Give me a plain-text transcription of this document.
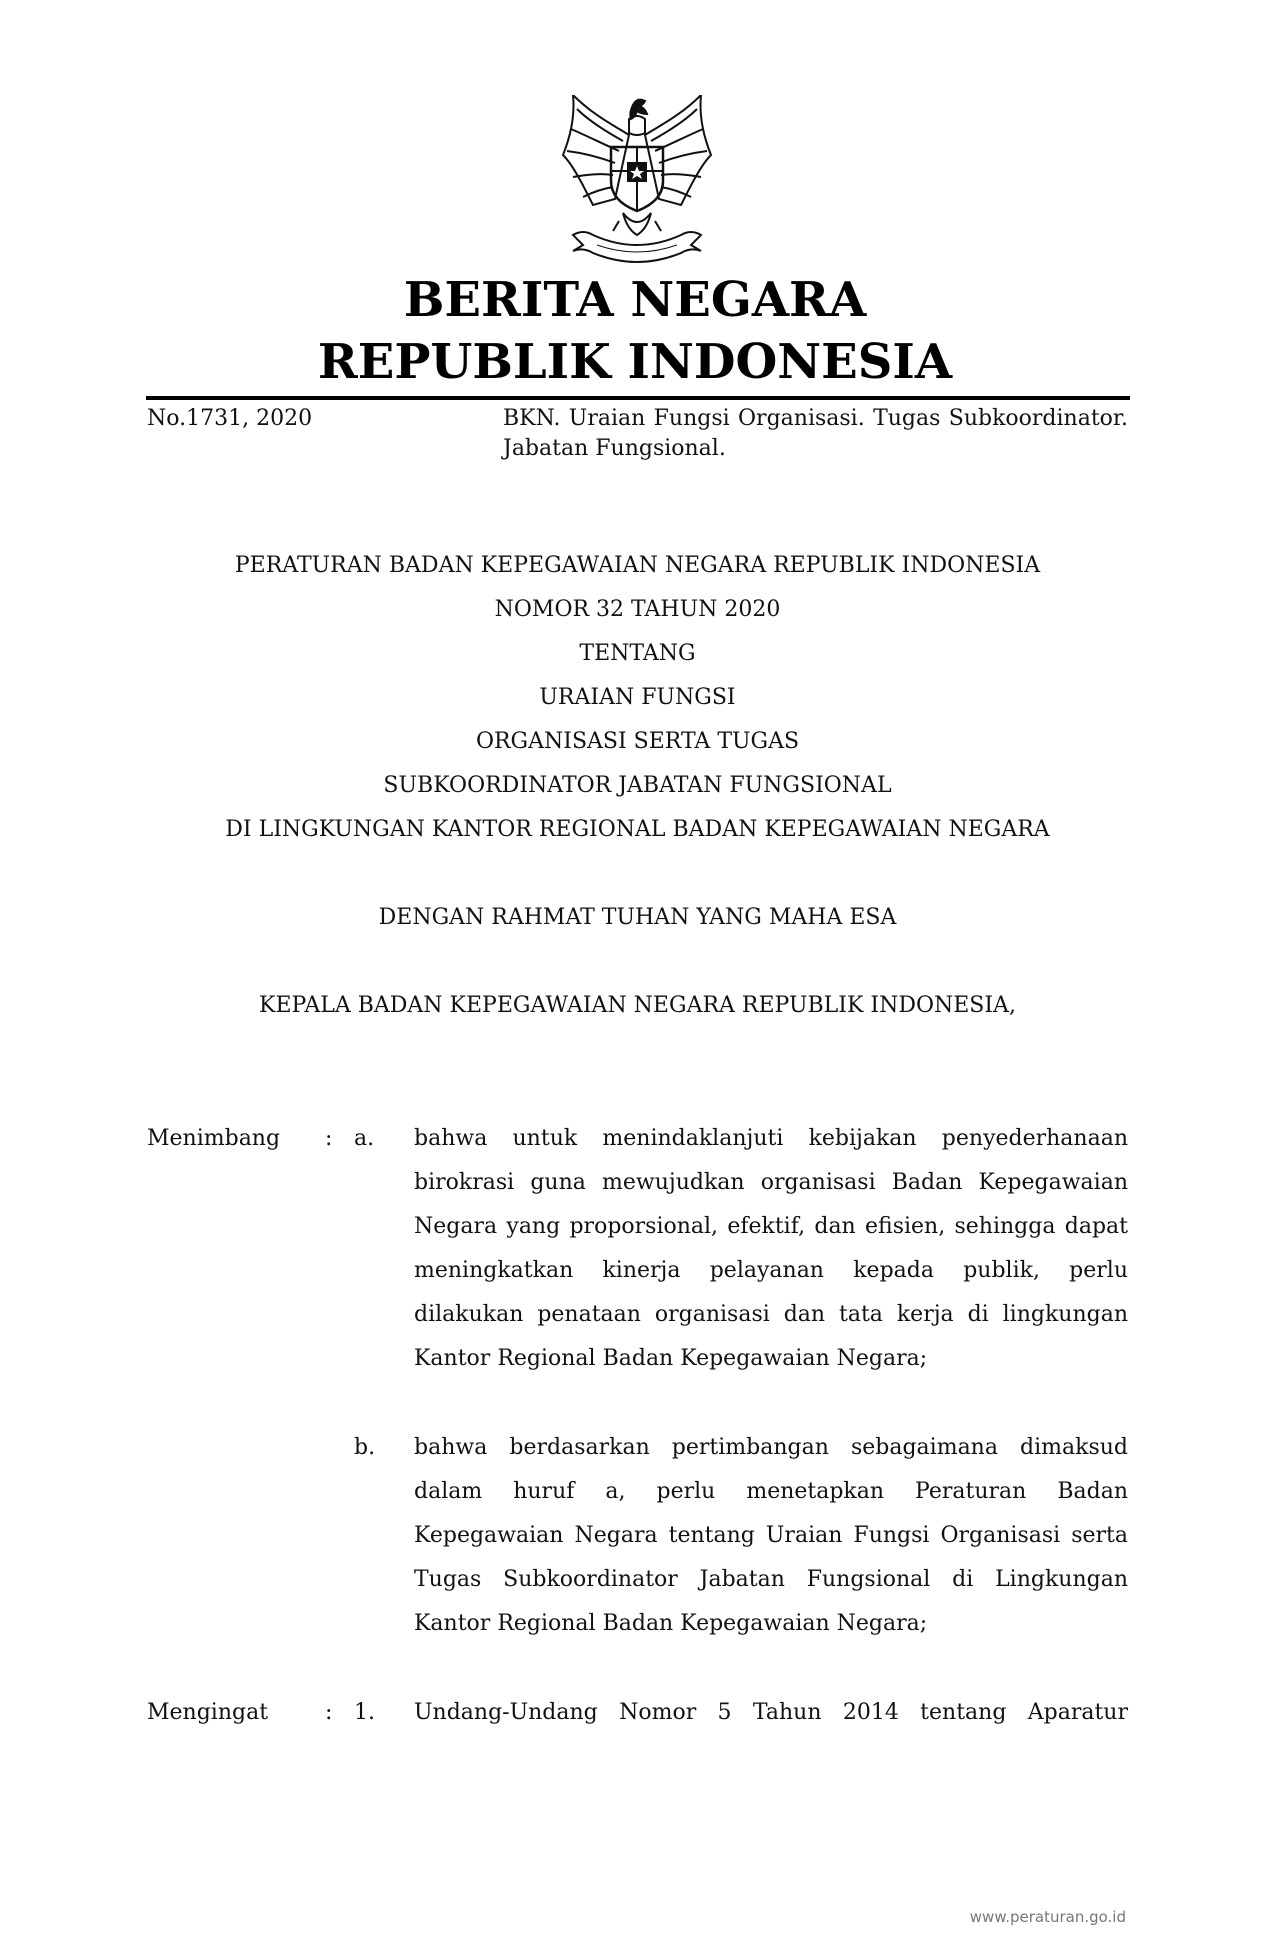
BERITA NEGARA
REPUBLIK INDONESIA
No.1731, 2020	BKN. Uraian Fungsi Organisasi. Tugas Subkoordinator. Jabatan Fungsional.
PERATURAN BADAN KEPEGAWAIAN NEGARA REPUBLIK INDONESIA
NOMOR 32 TAHUN 2020
TENTANG
URAIAN FUNGSI
ORGANISASI SERTA TUGAS
SUBKOORDINATOR JABATAN FUNGSIONAL
DI LINGKUNGAN KANTOR REGIONAL BADAN KEPEGAWAIAN NEGARA
DENGAN RAHMAT TUHAN YANG MAHA ESA
KEPALA BADAN KEPEGAWAIAN NEGARA REPUBLIK INDONESIA,
Menimbang : a. bahwa untuk menindaklanjuti kebijakan penyederhanaan birokrasi guna mewujudkan organisasi Badan Kepegawaian Negara yang proporsional, efektif, dan efisien, sehingga dapat meningkatkan kinerja pelayanan kepada publik, perlu dilakukan penataan organisasi dan tata kerja di lingkungan Kantor Regional Badan Kepegawaian Negara;
b. bahwa berdasarkan pertimbangan sebagaimana dimaksud dalam huruf a, perlu menetapkan Peraturan Badan Kepegawaian Negara tentang Uraian Fungsi Organisasi serta Tugas Subkoordinator Jabatan Fungsional di Lingkungan Kantor Regional Badan Kepegawaian Negara;
Mengingat	: 1. Undang-Undang Nomor 5 Tahun 2014 tentang Aparatur
www.peraturan.go.id
